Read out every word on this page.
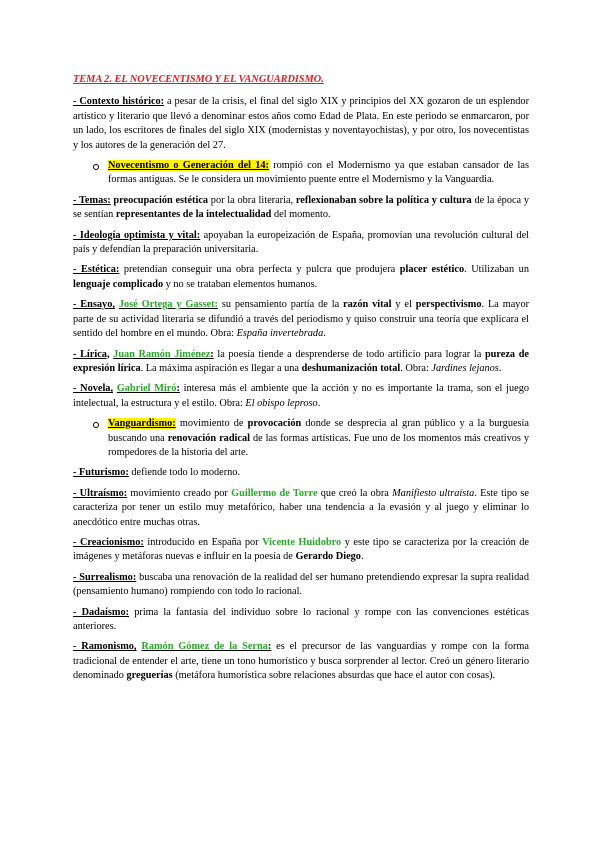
TEMA 2. EL NOVECENTISMO Y EL VANGUARDISMO.

- Contexto histórico: a pesar de la crisis, el final del siglo XIX y principios del XX gozaron de un esplendor artístico y literario que llevó a denominar estos años como Edad de Plata. En este periodo se enmarcaron, por un lado, los escritores de finales del siglo XIX (modernistas y noventayochistas), y por otro, los novecentistas y los autores de la generación del 27.

Novecentismo o Generación del 14: rompió con el Modernismo ya que estaban cansador de las formas antiguas. Se le considera un movimiento puente entre el Modernismo y la Vanguardia.

- Temas: preocupación estética por la obra literaria, reflexionaban sobre la política y cultura de la época y se sentían representantes de la intelectualidad del momento.

- Ideología optimista y vital: apoyaban la europeización de España, promovían una revolución cultural del país y defendían la preparación universitaria.

- Estética: pretendían conseguir una obra perfecta y pulcra que produjera placer estético. Utilizaban un lenguaje complicado y no se trataban elementos humanos.

- Ensayo, José Ortega y Gasset: su pensamiento partía de la razón vital y el perspectivismo. La mayor parte de su actividad literaria se difundió a través del periodismo y quiso construir una teoría que explicara el sentido del hombre en el mundo. Obra: España invertebrada.

- Lírica, Juan Ramón Jiménez: la poesía tiende a desprenderse de todo artificio para lograr la pureza de expresión lírica. La máxima aspiración es llegar a una deshumanización total. Obra: Jardines lejanos.

- Novela, Gabriel Miró: interesa más el ambiente que la acción y no es importante la trama, son el juego intelectual, la estructura y el estilo. Obra: El obispo leproso.

Vanguardismo: movimiento de provocación donde se desprecia al gran público y a la burguesía buscando una renovación radical de las formas artísticas. Fue uno de los momentos más creativos y rompedores de la historia del arte.

- Futurismo: defiende todo lo moderno.

- Ultraísmo: movimiento creado por Guillermo de Torre que creó la obra Manifiesto ultraísta. Este tipo se caracteriza por tener un estilo muy metafórico, haber una tendencia a la evasión y al juego y eliminar lo anecdótico entre muchas otras.

- Creacionismo: introducido en España por Vicente Huidobro y este tipo se caracteriza por la creación de imágenes y metáforas nuevas e influir en la poesía de Gerardo Diego.

- Surrealismo: buscaba una renovación de la realidad del ser humano pretendiendo expresar la supra realidad (pensamiento humano) rompiendo con todo lo racional.

- Dadaísmo: prima la fantasía del individuo sobre lo racional y rompe con las convenciones estéticas anteriores.

- Ramonismo, Ramón Gómez de la Serna: es el precursor de las vanguardias y rompe con la forma tradicional de entender el arte, tiene un tono humorístico y busca sorprender al lector. Creó un género literario denominado greguerías (metáfora humorística sobre relaciones absurdas que hace el autor con cosas).
